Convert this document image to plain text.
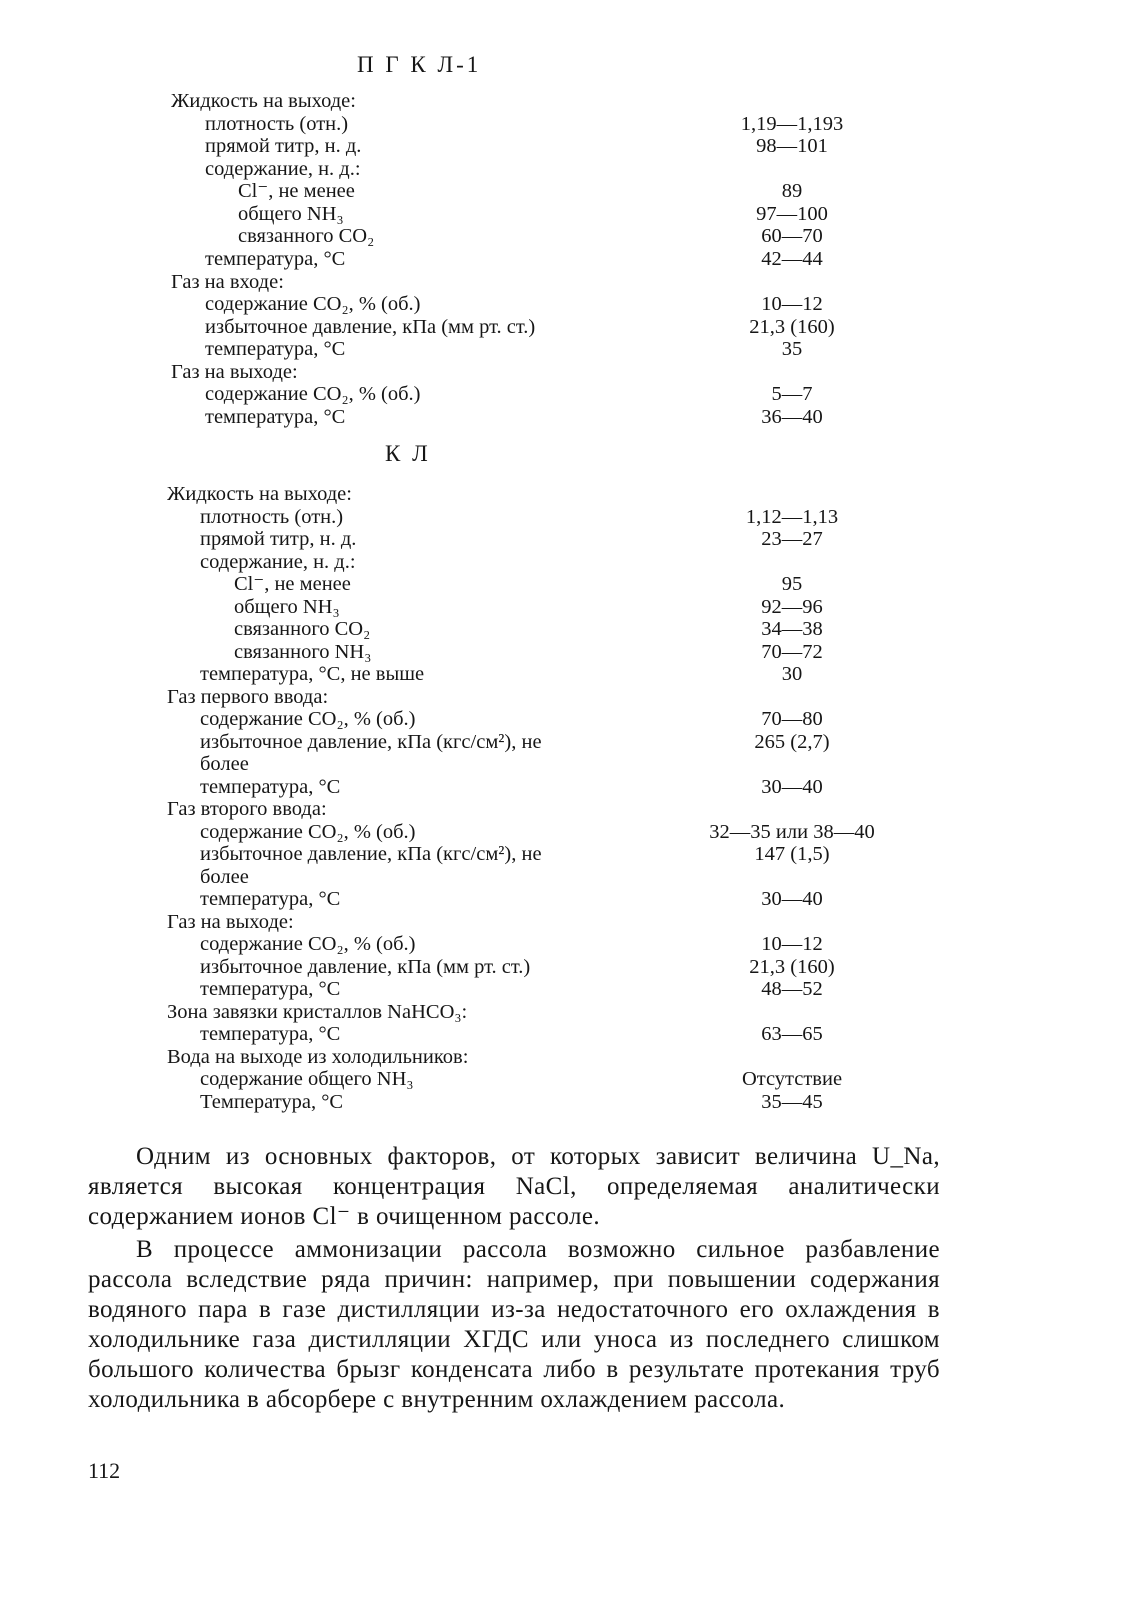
П Г К Л-1
Жидкость на выходе:
плотность (отн.)	1,19—1,193
прямой титр, н. д.	98—101
содержание, н. д.:
Cl⁻, не менее	89
общего NH₃	97—100
связанного CO₂	60—70
температура, °С	42—44
Газ на входе:
содержание CO₂, % (об.)	10—12
избыточное давление, кПа (мм рт. ст.)	21,3 (160)
температура, °С	35
Газ на выходе:
содержание CO₂, % (об.)	5—7
температура, °С	36—40
К Л
Жидкость на выходе:
плотность (отн.)	1,12—1,13
прямой титр, н. д.	23—27
содержание, н. д.:
Cl⁻, не менее	95
общего NH₃	92—96
связанного CO₂	34—38
связанного NH₃	70—72
температура, °С, не выше	30
Газ первого ввода:
содержание CO₂, % (об.)	70—80
избыточное давление, кПа (кгс/см²), не	265 (2,7)
более
температура, °С	30—40
Газ второго ввода:
содержание CO₂, % (об.)	32—35 или 38—40
избыточное давление, кПа (кгс/см²), не	147 (1,5)
более
температура, °С	30—40
Газ на выходе:
содержание CO₂, % (об.)	10—12
избыточное давление, кПа (мм рт. ст.)	21,3 (160)
температура, °С	48—52
Зона завязки кристаллов NaHCO₃:
температура, °С	63—65
Вода на выходе из холодильников:
содержание общего NH₃	Отсутствие
Температура, °С	35—45

Одним из основных факторов, от которых зависит величина U_Na, является высокая концентрация NaCl, определяемая аналитически содержанием ионов Cl⁻ в очищенном рассоле.

В процессе аммонизации рассола возможно сильное разбавление рассола вследствие ряда причин: например, при повышении содержания водяного пара в газе дистилляции из-за недостаточного его охлаждения в холодильнике газа дистилляции ХГДС или уноса из последнего слишком большого количества брызг конденсата либо в результате протекания труб холодильника в абсорбере с внутренним охлаждением рассола.

112
